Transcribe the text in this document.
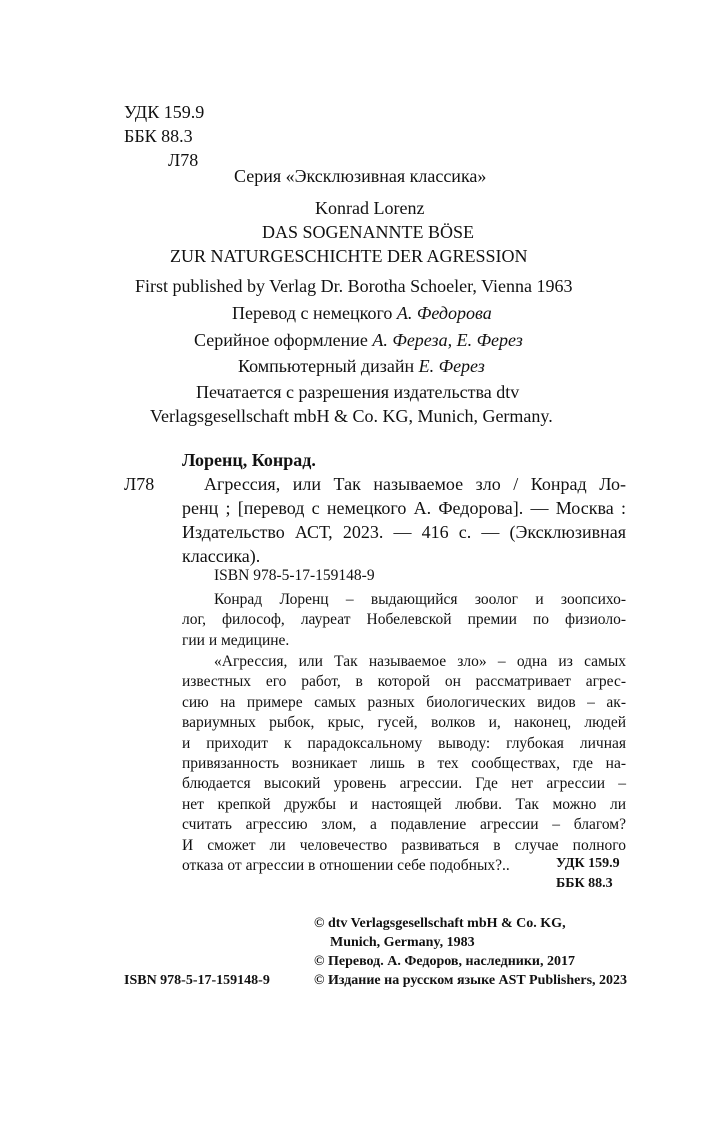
УДК 159.9

ББК 88.3

Л78

Серия «Эксклюзивная классика»

Konrad Lorenz

DAS SOGENANNTE BÖSE

ZUR NATURGESCHICHTE DER AGRESSION

First published by Verlag Dr. Borotha Schoeler, Vienna 1963

Перевод с немецкого А. Федорова

Серийное оформление А. Фереза, Е. Ферез

Компьютерный дизайн Е. Ферез

Печатается с разрешения издательства dtv

Verlagsgesellschaft mbH & Co. KG, Munich, Germany.

Лоренц, Конрад.

Л78	Агрессия, или Так называемое зло / Конрад Ло-
ренц ; [перевод с немецкого А. Федорова]. — Москва :
Издательство АСТ, 2023. — 416 с. — (Эксклюзивная
классика).

ISBN 978-5-17-159148-9

Конрад Лоренц – выдающийся зоолог и зоопсихо-
лог, философ, лауреат Нобелевской премии по физиоло-
гии и медицине.
«Агрессия, или Так называемое зло» – одна из самых
известных его работ, в которой он рассматривает агрес-
сию на примере самых разных биологических видов – ак-
вариумных рыбок, крыс, гусей, волков и, наконец, людей
и приходит к парадоксальному выводу: глубокая личная
привязанность возникает лишь в тех сообществах, где на-
блюдается высокий уровень агрессии. Где нет агрессии –
нет крепкой дружбы и настоящей любви. Так можно ли
считать агрессию злом, а подавление агрессии – благом?
И сможет ли человечество развиваться в случае полного
отказа от агрессии в отношении себе подобных?..	УДК 159.9

ББК 88.3

© dtv Verlagsgesellschaft mbH & Co. KG,

Munich, Germany, 1983

© Перевод. А. Федоров, наследники, 2017

© Издание на русском языке AST Publishers, 2023

ISBN 978-5-17-159148-9
